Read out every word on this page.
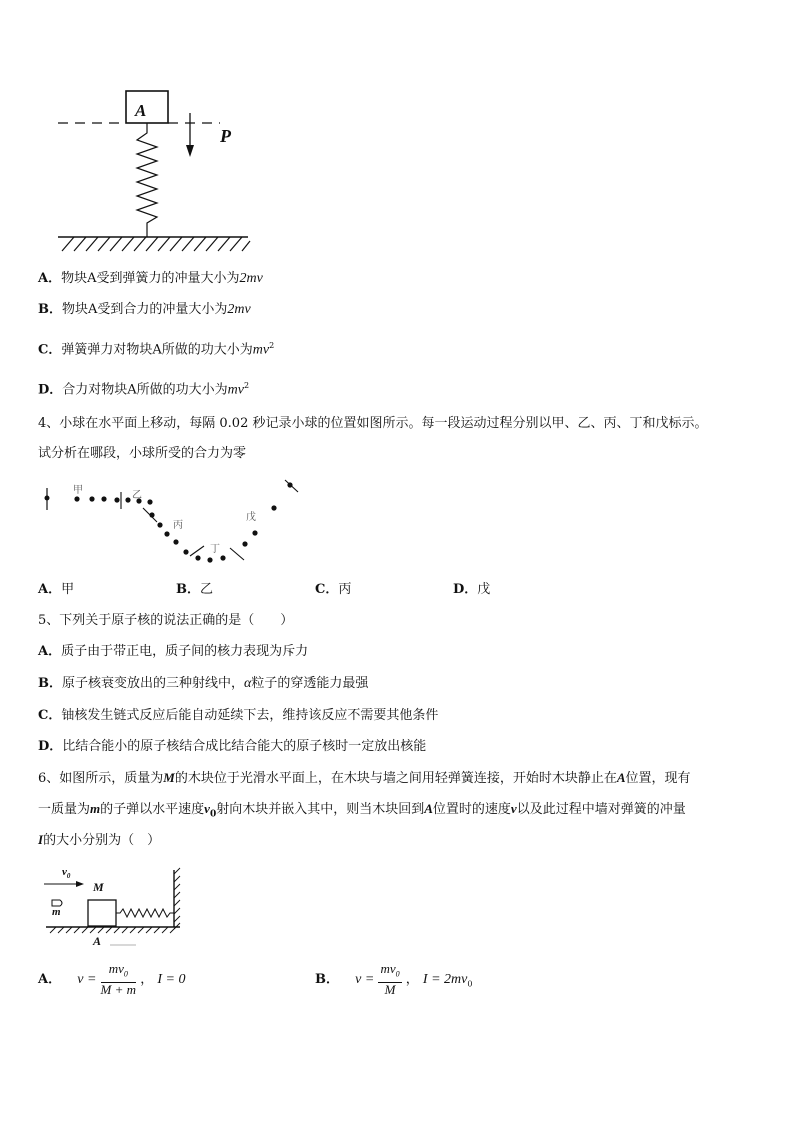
A
P
A．物块A受到弹簧力的冲量大小为2mv
B．物块A受到合力的冲量大小为2mv
C．弹簧弹力对物块A所做的功大小为$mv^2$
D．合力对物块A所做的功大小为$mv^2$
4、小球在水平面上移动，每隔 0.02 秒记录小球的位置如图所示。每一段运动过程分别以甲、乙、丙、丁和戊标示。
试分析在哪段，小球所受的合力为零
甲	乙
丙
丁
戊
A．甲	B．乙	C．丙	D．戊
5、下列关于原子核的说法正确的是（　　）
A．质子由于带正电，质子间的核力表现为斥力
B．原子核衰变放出的三种射线中，α粒子的穿透能力最强
C．铀核发生链式反应后能自动延续下去，维持该反应不需要其他条件
D．比结合能小的原子核结合成比结合能大的原子核时一定放出核能
6、如图所示，质量为M的木块位于光滑水平面上，在木块与墙之间用轻弹簧连接，开始时木块静止在A位置，现有
一质量为m的子弹以水平速度$v_0$射向木块并嵌入其中，则当木块回到A位置时的速度v以及此过程中墙对弹簧的冲量
I的大小分别为（　）
$v_0$
M
m
A
A． $v = \frac{mv_0}{M + m}$ ， I = 0	B． $v = \frac{mv_0}{M}$ ， $I = 2mv_0$
